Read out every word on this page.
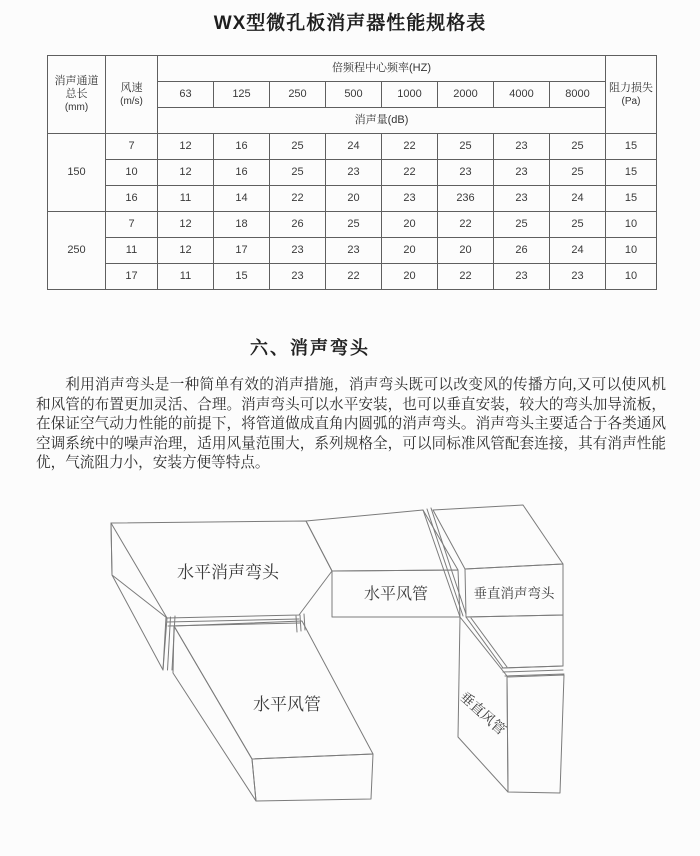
WX型微孔板消声器性能规格表
消声通道
总长
(mm)	风速
(m/s)	倍频程中心频率(HZ)								阻力损失
(Pa)
		63	125	250	500	1000	2000	4000	8000	
		消声量(dB)								
150	7	12	16	25	24	22	25	23	25	15
	10	12	16	25	23	22	23	23	25	15
	16	11	14	22	20	23	236	23	24	15
250	7	12	18	26	25	20	22	25	25	10
	11	12	17	23	23	20	20	26	24	10
	17	11	15	23	22	20	22	23	23	10
六、消声弯头
利用消声弯头是一种简单有效的消声措施，消声弯头既可以改变风的传播方向,又可以使风机和风管的布置更加灵活、合理。消声弯头可以水平安装，也可以垂直安装，较大的弯头加导流板，在保证空气动力性能的前提下，将管道做成直角内圆弧的消声弯头。消声弯头主要适合于各类通风空调系统中的噪声治理，适用风量范围大，系列规格全，可以同标准风管配套连接，其有消声性能优，气流阻力小，安装方便等特点。
水平消声弯头
水平风管	垂直消声弯头
水平风管	垂直风管
